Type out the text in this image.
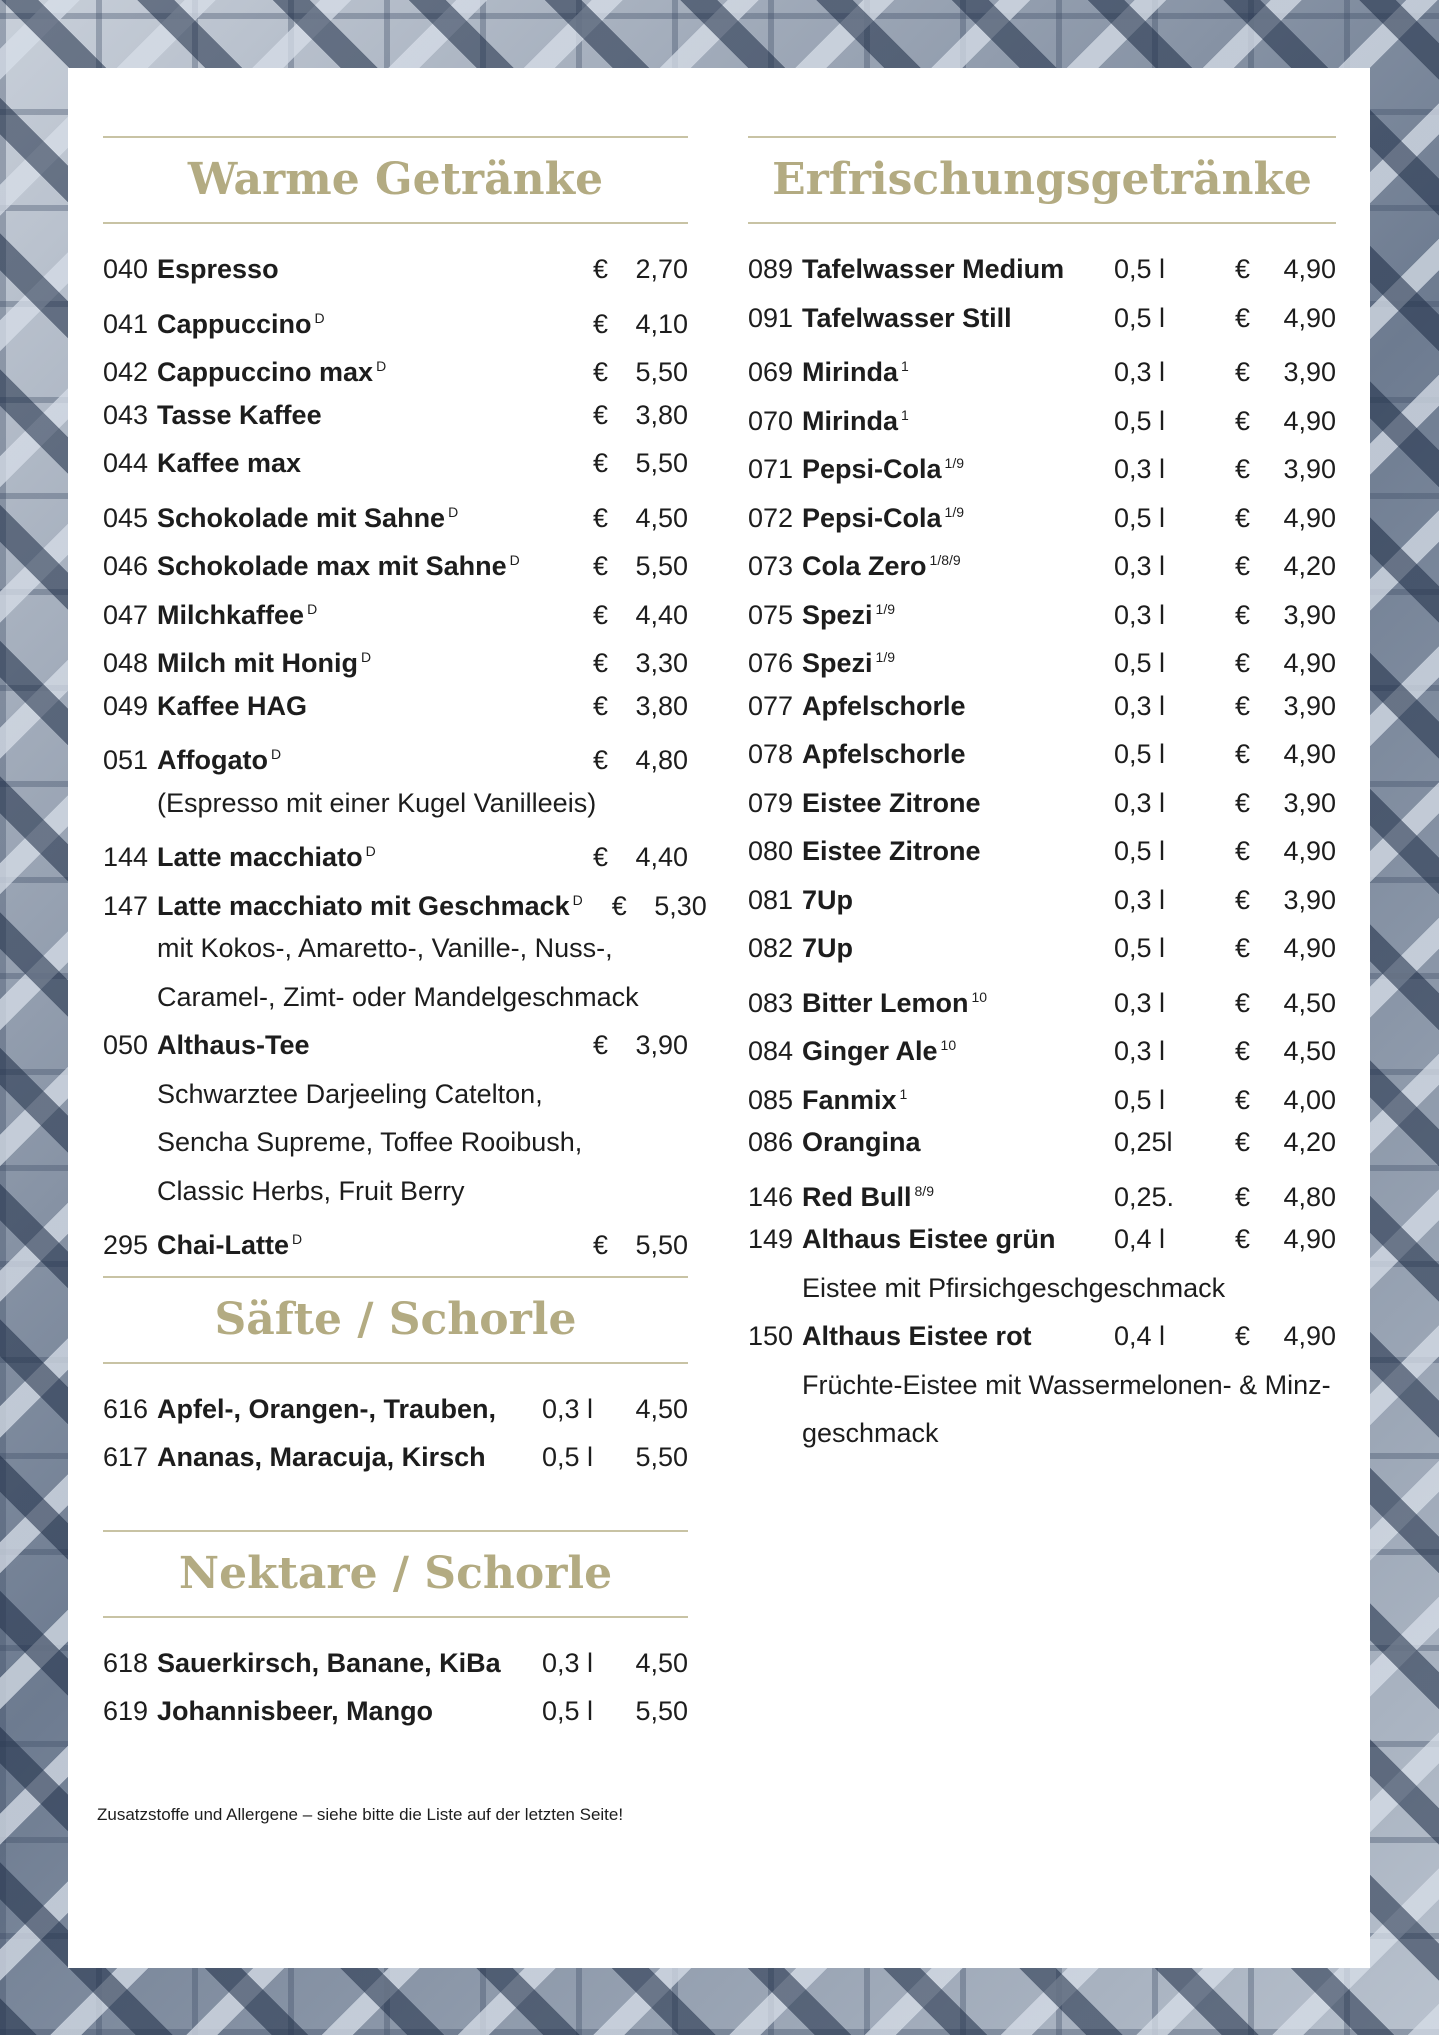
Warme Getränke
040 Espresso	€	2,70
041 Cappuccino $^D$	€	4,10
042 Cappuccino max $^D$	€	5,50
043 Tasse Kaffee	€	3,80
044 Kaffee max	€	5,50
045 Schokolade mit Sahne $^D$	€	4,50
046 Schokolade max mit Sahne $^D$	€	5,50
047 Milchkaffee $^D$	€	4,40
048 Milch mit Honig $^D$	€	3,30
049 Kaffee HAG	€	3,80
051 Affogato $^D$	€	4,80
(Espresso mit einer Kugel Vanilleeis)
144 Latte macchiato $^D$	€	4,40
147 Latte macchiato mit Geschmack $^D$	€	5,30
mit Kokos-, Amaretto-, Vanille-, Nuss-,
Caramel-, Zimt- oder Mandelgeschmack
050 Althaus-Tee	€	3,90
Schwarztee Darjeeling Catelton,
Sencha Supreme, Toffee Rooibush,
Classic Herbs, Fruit Berry
295 Chai-Latte $^D$	€	5,50
Säfte / Schorle
616 Apfel-, Orangen-, Trauben,	0,3 l	4,50
617 Ananas, Maracuja, Kirsch	0,5 l	5,50
Nektare / Schorle
618 Sauerkirsch, Banane, KiBa	0,3 l	4,50
619 Johannisbeer, Mango	0,5 l	5,50
Erfrischungsgetränke
089 Tafelwasser Medium	0,5 l	€	4,90
091 Tafelwasser Still	0,5 l	€	4,90
069 Mirinda $^1$	0,3 l	€	3,90
070 Mirinda $^1$	0,5 l	€	4,90
071 Pepsi-Cola $^{1/9}$	0,3 l	€	3,90
072 Pepsi-Cola $^{1/9}$	0,5 l	€	4,90
073 Cola Zero $^{1/8/9}$	0,3 l	€	4,20
075 Spezi $^{1/9}$	0,3 l	€	3,90
076 Spezi $^{1/9}$	0,5 l	€	4,90
077 Apfelschorle	0,3 l	€	3,90
078 Apfelschorle	0,5 l	€	4,90
079 Eistee Zitrone	0,3 l	€	3,90
080 Eistee Zitrone	0,5 l	€	4,90
081 7Up	0,3 l	€	3,90
082 7Up	0,5 l	€	4,90
083 Bitter Lemon $^{10}$	0,3 l	€	4,50
084 Ginger Ale $^{10}$	0,3 l	€	4,50
085 Fanmix $^1$	0,5 l	€	4,00
086 Orangina	0,25l	€	4,20
146 Red Bull $^{8/9}$	0,25.	€	4,80
149 Althaus Eistee grün	0,4 l	€	4,90
Eistee mit Pfirsichgeschgeschmack
150 Althaus Eistee rot	0,4 l	€	4,90
Früchte-Eistee mit Wassermelonen- & Minz-
geschmack
Zusatzstoffe und Allergene – siehe bitte die Liste auf der letzten Seite!
